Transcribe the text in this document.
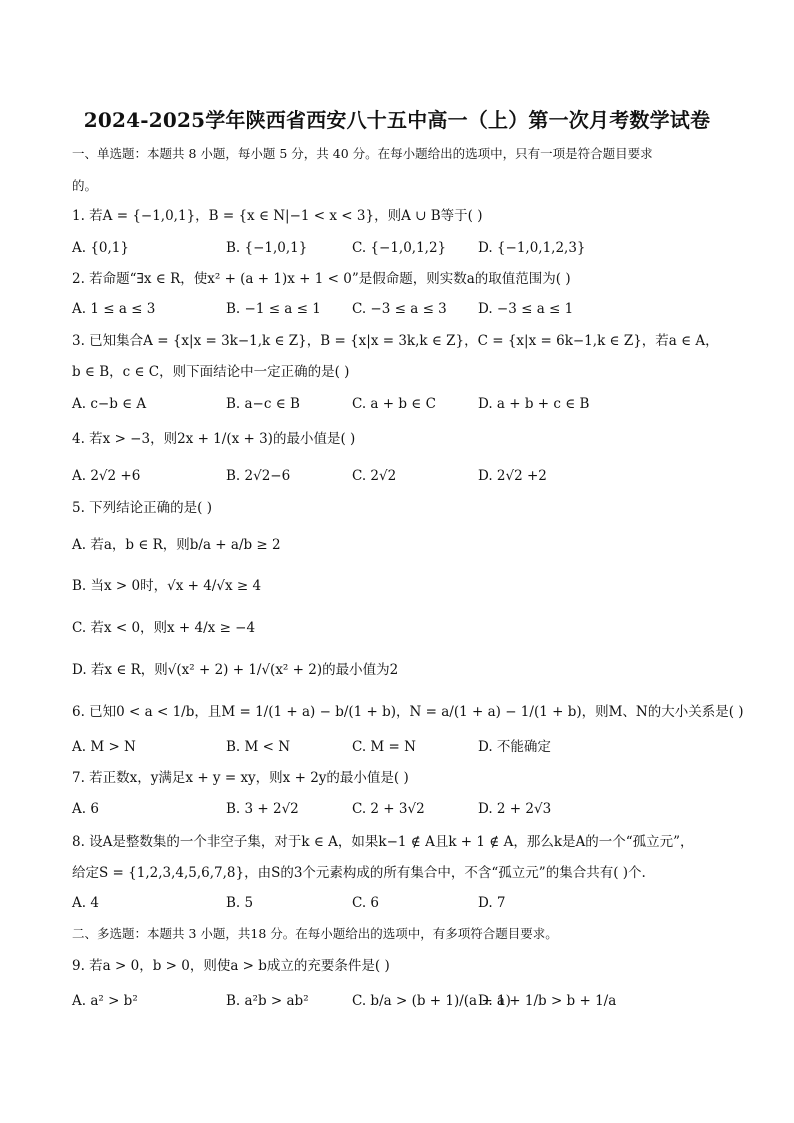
2024-2025学年陕西省西安八十五中高一（上）第一次月考数学试卷
一、单选题：本题共 8 小题，每小题 5 分，共 40 分。在每小题给出的选项中，只有一项是符合题目要求
的。
1. 若A = {−1,0,1}，B = {x ∈ N|−1 < x < 3}，则A ∪ B等于( )
A. {0,1}	B. {−1,0,1}	C. {−1,0,1,2} D. {−1,0,1,2,3}
2. 若命题“∃x ∈ R，使x² + (a + 1)x + 1 < 0”是假命题，则实数a的取值范围为( )
A. 1 ≤ a ≤ 3	B. −1 ≤ a ≤ 1 C. −3 ≤ a ≤ 3 D. −3 ≤ a ≤ 1
3. 已知集合A = {x|x = 3k−1,k ∈ Z}，B = {x|x = 3k,k ∈ Z}，C = {x|x = 6k−1,k ∈ Z}，若a ∈ A，
b ∈ B，c ∈ C，则下面结论中一定正确的是( )
A. c−b ∈ A	B. a−c ∈ B	C. a + b ∈ C	D. a + b + c ∈ B
4. 若x > −3，则2x + 1/(x + 3)的最小值是( )
A. 2√2 +6	B. 2√2−6	C. 2√2	D. 2√2 +2
5. 下列结论正确的是( )
A. 若a，b ∈ R，则b/a + a/b ≥ 2
B. 当x > 0时，√x + 4/√x ≥ 4
C. 若x < 0，则x + 4/x ≥ −4
D. 若x ∈ R，则√(x² + 2) + 1/√(x² + 2)的最小值为2
6. 已知0 < a < 1/b，且M = 1/(1 + a) − b/(1 + b)，N = a/(1 + a) − 1/(1 + b)，则M、N的大小关系是( )
A. M > N	B. M < N	C. M = N	D. 不能确定
7. 若正数x，y满足x + y = xy，则x + 2y的最小值是( )
A. 6	B. 3 + 2√2	C. 2 + 3√2	D. 2 + 2√3
8. 设A是整数集的一个非空子集，对于k ∈ A，如果k−1 ∉ A且k + 1 ∉ A，那么k是A的一个“孤立元”，
给定S = {1,2,3,4,5,6,7,8}，由S的3个元素构成的所有集合中，不含“孤立元”的集合共有( )个.
A. 4	B. 5	C. 6	D. 7
二、多选题：本题共 3 小题，共18 分。在每小题给出的选项中，有多项符合题目要求。
9. 若a > 0，b > 0，则使a > b成立的充要条件是( )
A. a² > b²	B. a²b > ab²	C. b/a > (b + 1)/(a + 1)
D. a + 1/b > b + 1/a
